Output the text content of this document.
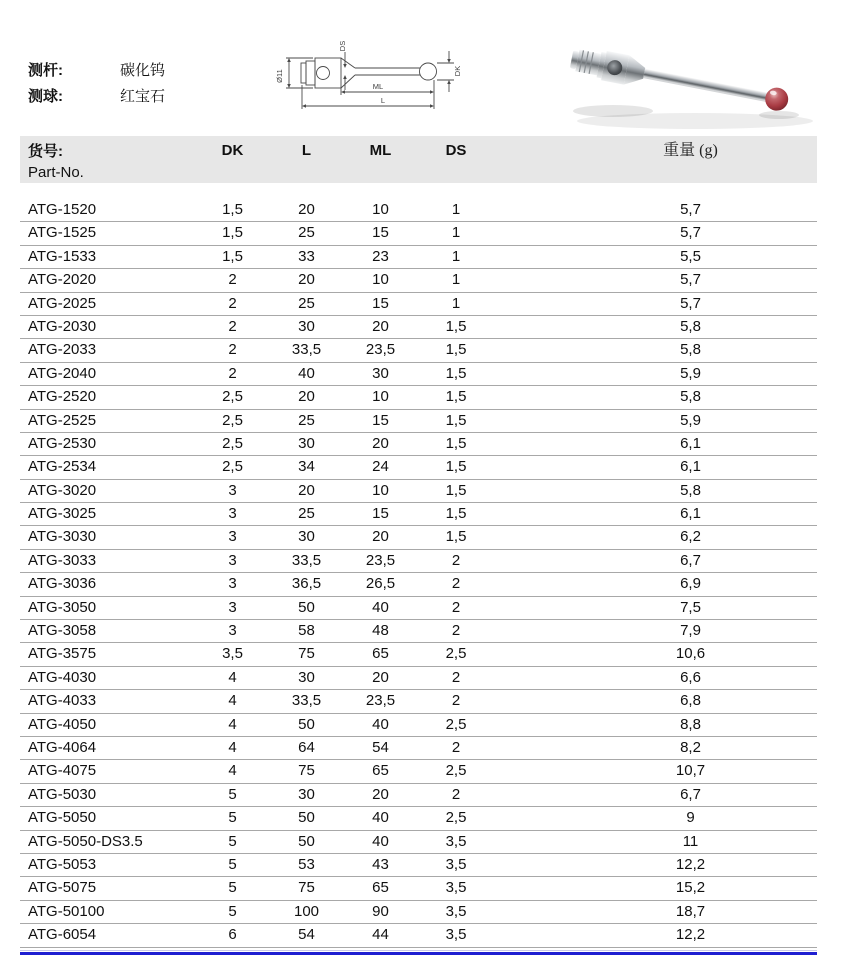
测杆:	碳化钨
测球:	红宝石
Ø11
DS
DK
ML
L
货号:
Part-No.
DK	L	ML	DS	重量 (g)
ATG-1520	1,5	20	10	1	5,7
ATG-1525	1,5	25	15	1	5,7
ATG-1533	1,5	33	23	1	5,5
ATG-2020	2	20	10	1	5,7
ATG-2025	2	25	15	1	5,7
ATG-2030	2	30	20	1,5	5,8
ATG-2033	2	33,5	23,5	1,5	5,8
ATG-2040	2	40	30	1,5	5,9
ATG-2520	2,5	20	10	1,5	5,8
ATG-2525	2,5	25	15	1,5	5,9
ATG-2530	2,5	30	20	1,5	6,1
ATG-2534	2,5	34	24	1,5	6,1
ATG-3020	3	20	10	1,5	5,8
ATG-3025	3	25	15	1,5	6,1
ATG-3030	3	30	20	1,5	6,2
ATG-3033	3	33,5	23,5	2	6,7
ATG-3036	3	36,5	26,5	2	6,9
ATG-3050	3	50	40	2	7,5
ATG-3058	3	58	48	2	7,9
ATG-3575	3,5	75	65	2,5	10,6
ATG-4030	4	30	20	2	6,6
ATG-4033	4	33,5	23,5	2	6,8
ATG-4050	4	50	40	2,5	8,8
ATG-4064	4	64	54	2	8,2
ATG-4075	4	75	65	2,5	10,7
ATG-5030	5	30	20	2	6,7
ATG-5050	5	50	40	2,5	9
ATG-5050-DS3.5	5	50	40	3,5	11
ATG-5053	5	53	43	3,5	12,2
ATG-5075	5	75	65	3,5	15,2
ATG-50100	5	100	90	3,5	18,7
ATG-6054	6	54	44	3,5	12,2
